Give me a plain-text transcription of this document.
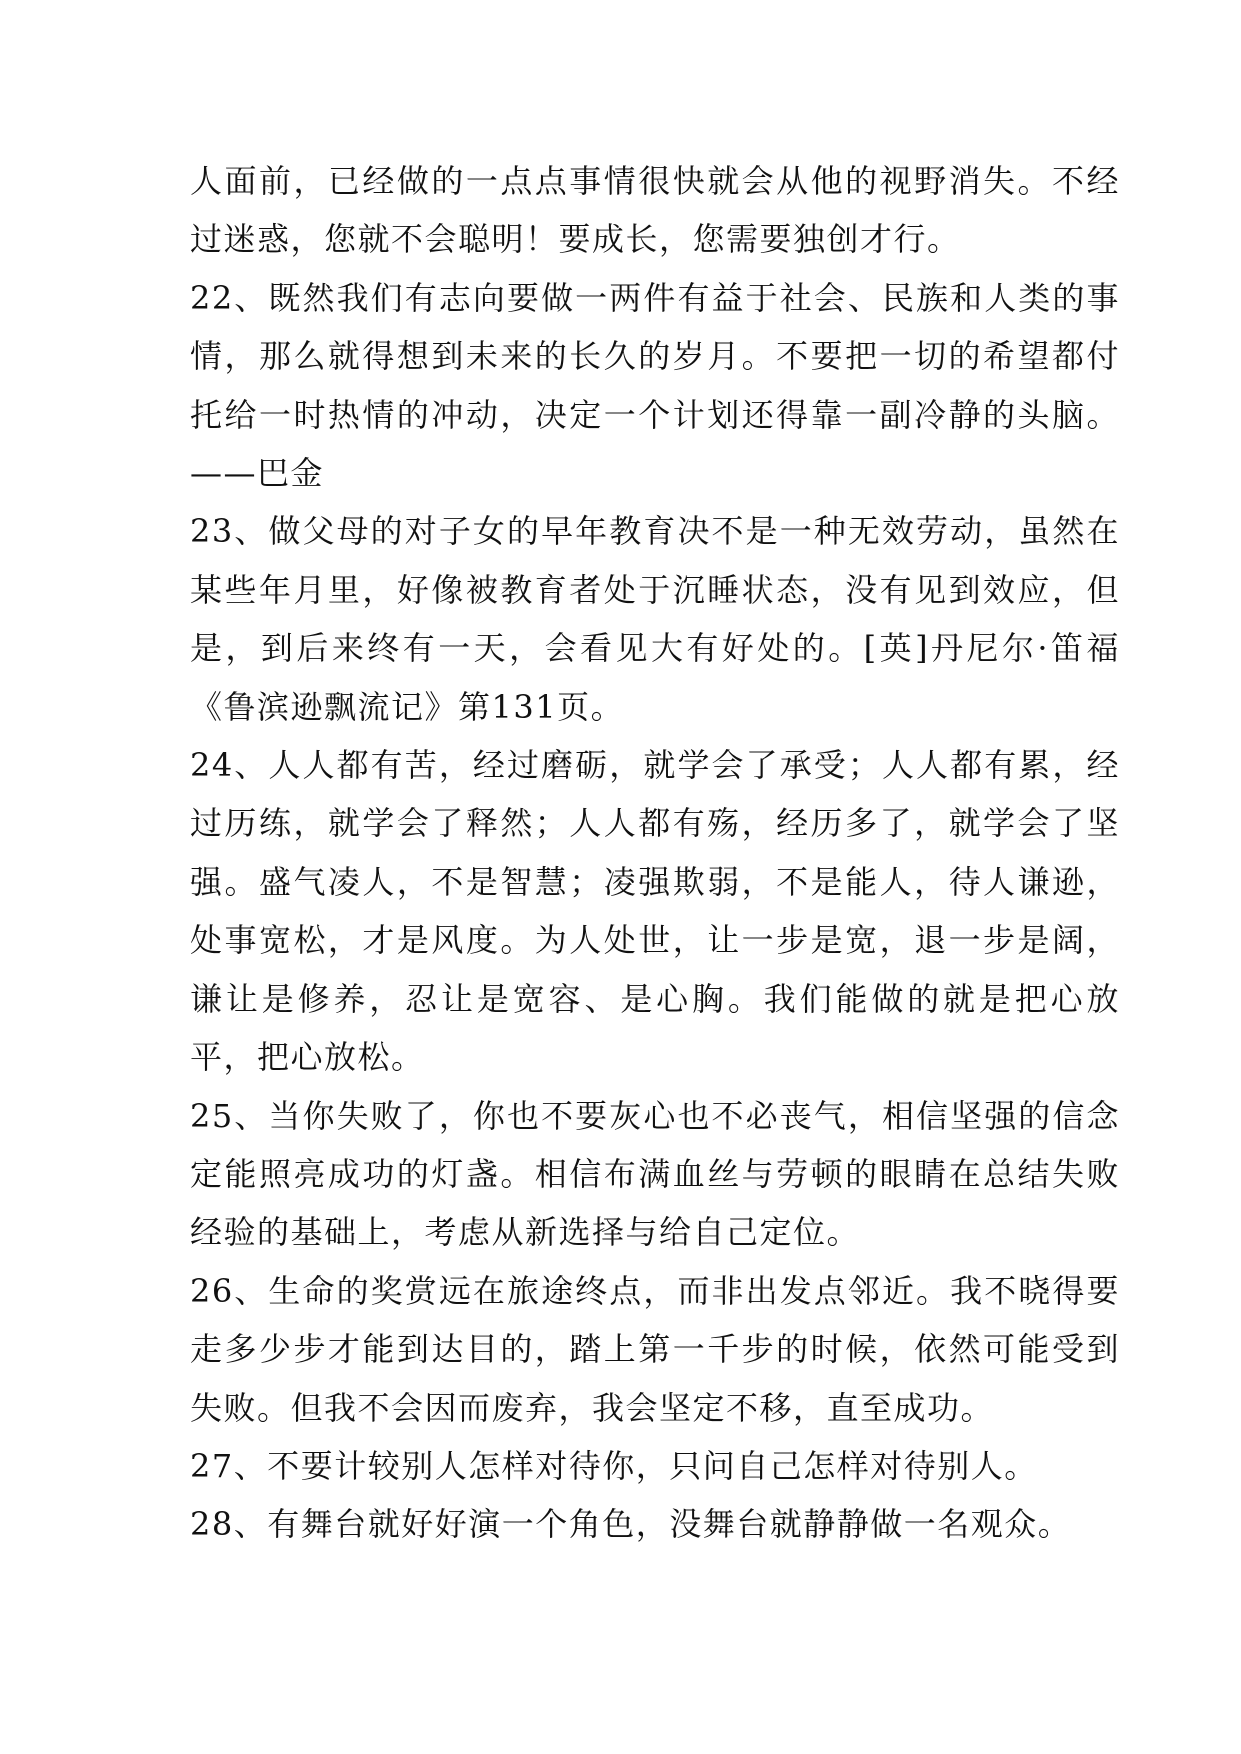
人面前，已经做的一点点事情很快就会从他的视野消失。不经过迷惑，您就不会聪明！要成长，您需要独创才行。

22、既然我们有志向要做一两件有益于社会、民族和人类的事情，那么就得想到未来的长久的岁月。不要把一切的希望都付托给一时热情的冲动，决定一个计划还得靠一副冷静的头脑。——巴金

23、做父母的对子女的早年教育决不是一种无效劳动，虽然在某些年月里，好像被教育者处于沉睡状态，没有见到效应，但是，到后来终有一天，会看见大有好处的。[英]丹尼尔·笛福《鲁滨逊飘流记》第131页。

24、人人都有苦，经过磨砺，就学会了承受；人人都有累，经过历练，就学会了释然；人人都有殇，经历多了，就学会了坚强。盛气凌人，不是智慧；凌强欺弱，不是能人，待人谦逊，处事宽松，才是风度。为人处世，让一步是宽，退一步是阔，谦让是修养，忍让是宽容、是心胸。我们能做的就是把心放平，把心放松。

25、当你失败了，你也不要灰心也不必丧气，相信坚强的信念定能照亮成功的灯盏。相信布满血丝与劳顿的眼睛在总结失败经验的基础上，考虑从新选择与给自己定位。

26、生命的奖赏远在旅途终点，而非出发点邻近。我不晓得要走多少步才能到达目的，踏上第一千步的时候，依然可能受到失败。但我不会因而废弃，我会坚定不移，直至成功。

27、不要计较别人怎样对待你，只问自己怎样对待别人。

28、有舞台就好好演一个角色，没舞台就静静做一名观众。
